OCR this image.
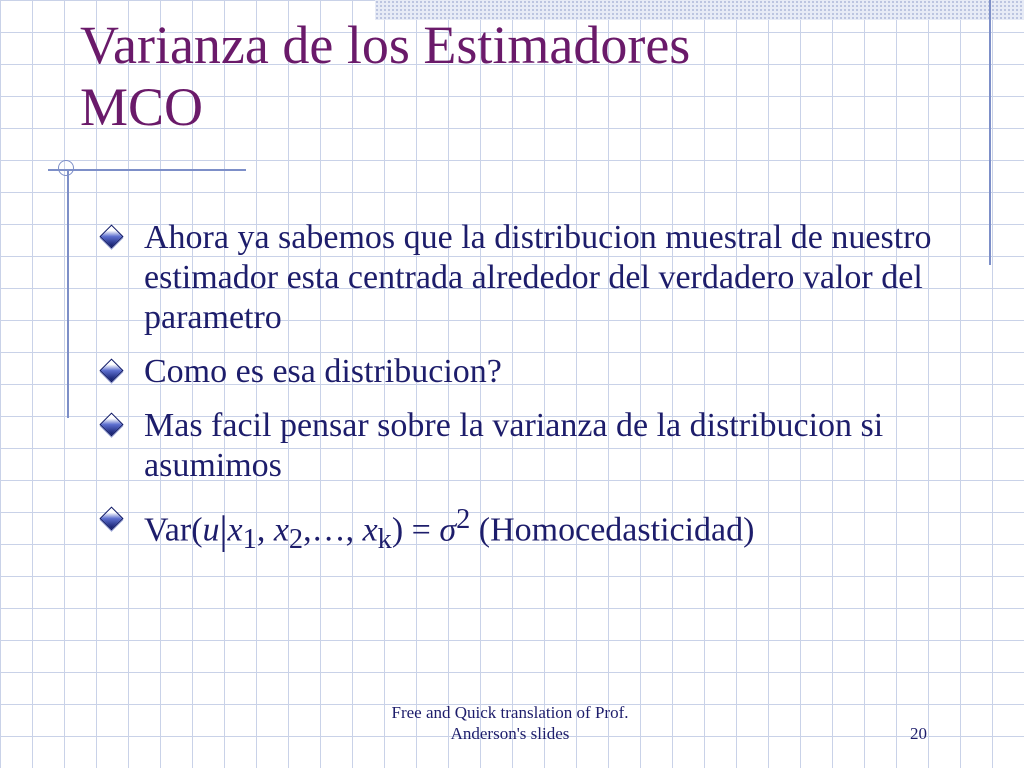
Varianza de los Estimadores MCO
Ahora ya sabemos que la distribucion muestral de nuestro estimador esta centrada alrededor del verdadero valor del parametro
Como es esa distribucion?
Mas facil pensar sobre la varianza de la distribucion si asumimos
$Var(u|x_1$, $x_2,\dots$, $x_k) = \sigma^2$ (Homocedasticidad)
Free and Quick translation of Prof. Anderson's slides	20
